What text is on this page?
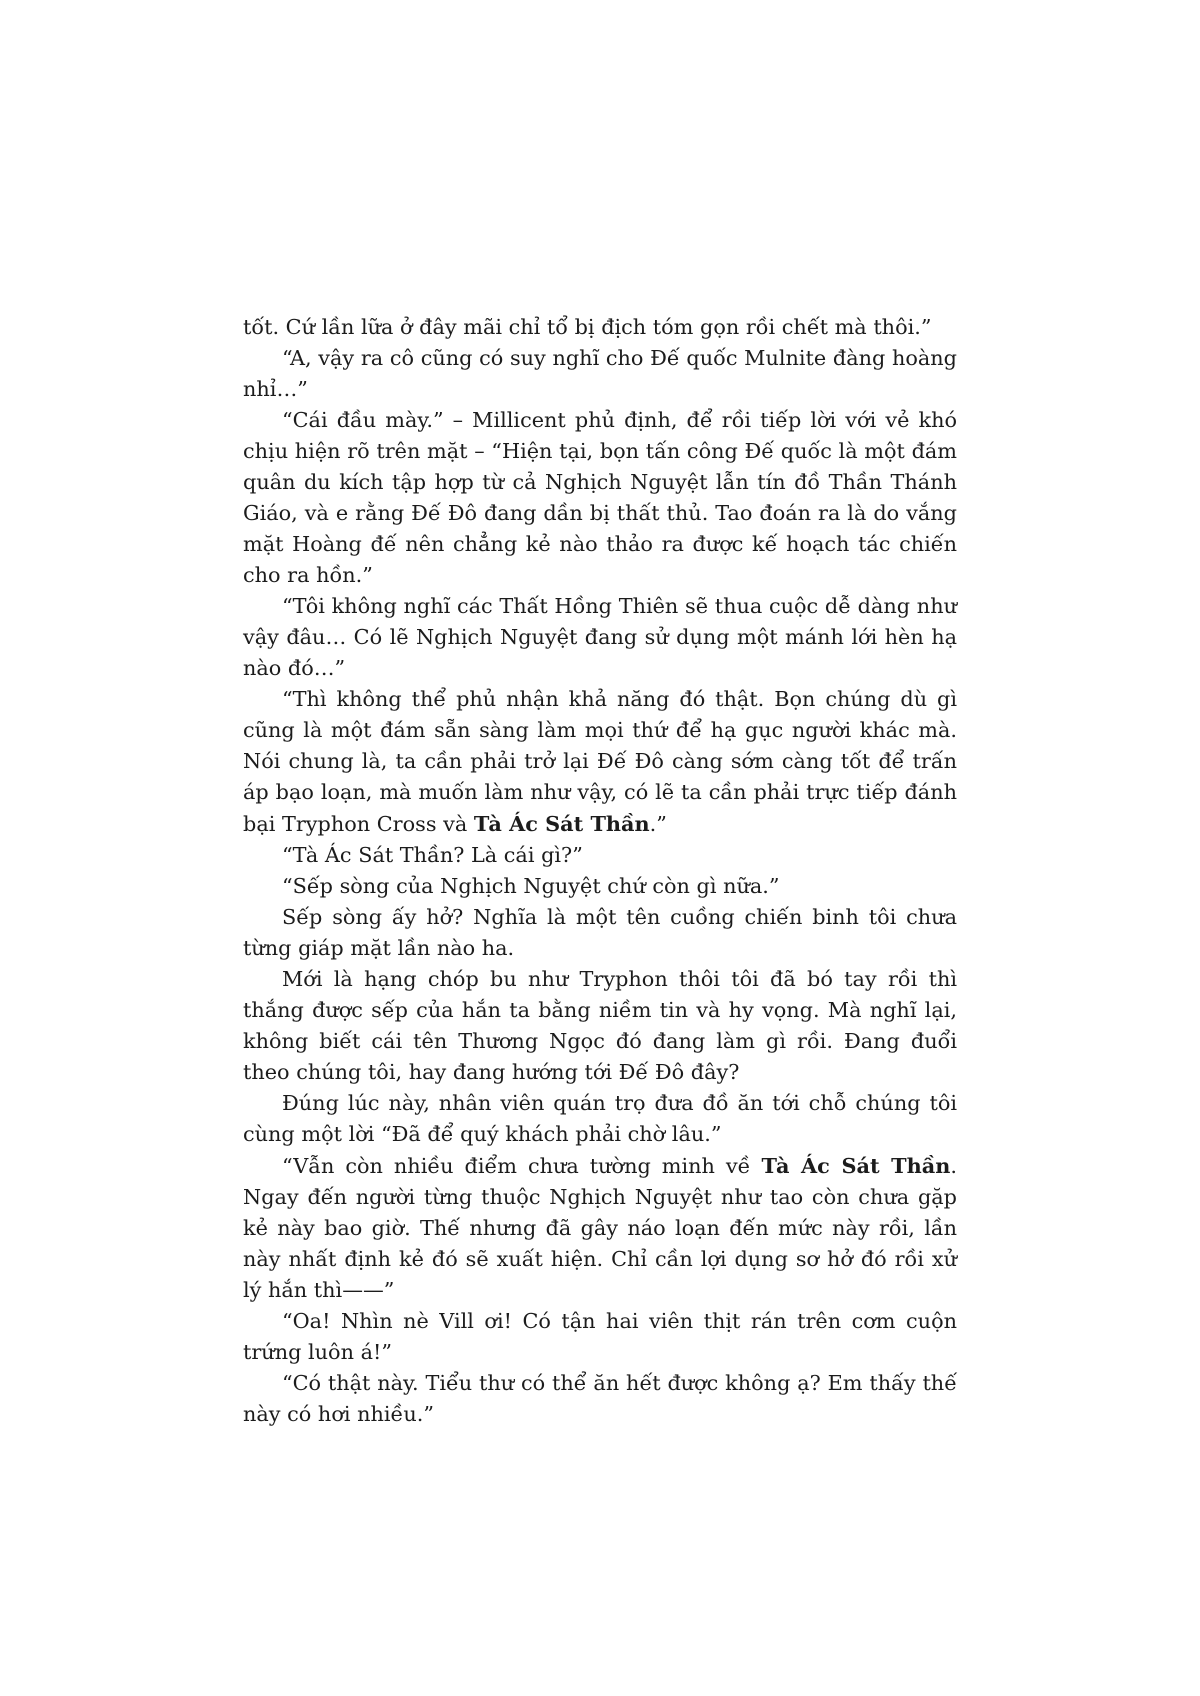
tốt. Cứ lần lữa ở đây mãi chỉ tổ bị địch tóm gọn rồi chết mà thôi.”

“A, vậy ra cô cũng có suy nghĩ cho Đế quốc Mulnite đàng hoàng nhỉ…”

“Cái đầu mày.” – Millicent phủ định, để rồi tiếp lời với vẻ khó chịu hiện rõ trên mặt – “Hiện tại, bọn tấn công Đế quốc là một đám quân du kích tập hợp từ cả Nghịch Nguyệt lẫn tín đồ Thần Thánh Giáo, và e rằng Đế Đô đang dần bị thất thủ. Tao đoán ra là do vắng mặt Hoàng đế nên chẳng kẻ nào thảo ra được kế hoạch tác chiến cho ra hồn.”

“Tôi không nghĩ các Thất Hồng Thiên sẽ thua cuộc dễ dàng như vậy đâu… Có lẽ Nghịch Nguyệt đang sử dụng một mánh lới hèn hạ nào đó…”

“Thì không thể phủ nhận khả năng đó thật. Bọn chúng dù gì cũng là một đám sẵn sàng làm mọi thứ để hạ gục người khác mà. Nói chung là, ta cần phải trở lại Đế Đô càng sớm càng tốt để trấn áp bạo loạn, mà muốn làm như vậy, có lẽ ta cần phải trực tiếp đánh bại Tryphon Cross và Tà Ác Sát Thần.”

“Tà Ác Sát Thần? Là cái gì?”

“Sếp sòng của Nghịch Nguyệt chứ còn gì nữa.”

Sếp sòng ấy hở? Nghĩa là một tên cuồng chiến binh tôi chưa từng giáp mặt lần nào ha.

Mới là hạng chóp bu như Tryphon thôi tôi đã bó tay rồi thì thắng được sếp của hắn ta bằng niềm tin và hy vọng. Mà nghĩ lại, không biết cái tên Thương Ngọc đó đang làm gì rồi. Đang đuổi theo chúng tôi, hay đang hướng tới Đế Đô đây?

Đúng lúc này, nhân viên quán trọ đưa đồ ăn tới chỗ chúng tôi cùng một lời “Đã để quý khách phải chờ lâu.”

“Vẫn còn nhiều điểm chưa tường minh về Tà Ác Sát Thần. Ngay đến người từng thuộc Nghịch Nguyệt như tao còn chưa gặp kẻ này bao giờ. Thế nhưng đã gây náo loạn đến mức này rồi, lần này nhất định kẻ đó sẽ xuất hiện. Chỉ cần lợi dụng sơ hở đó rồi xử lý hắn thì——”

“Oa! Nhìn nè Vill ơi! Có tận hai viên thịt rán trên cơm cuộn trứng luôn á!”

“Có thật này. Tiểu thư có thể ăn hết được không ạ? Em thấy thế này có hơi nhiều.”
